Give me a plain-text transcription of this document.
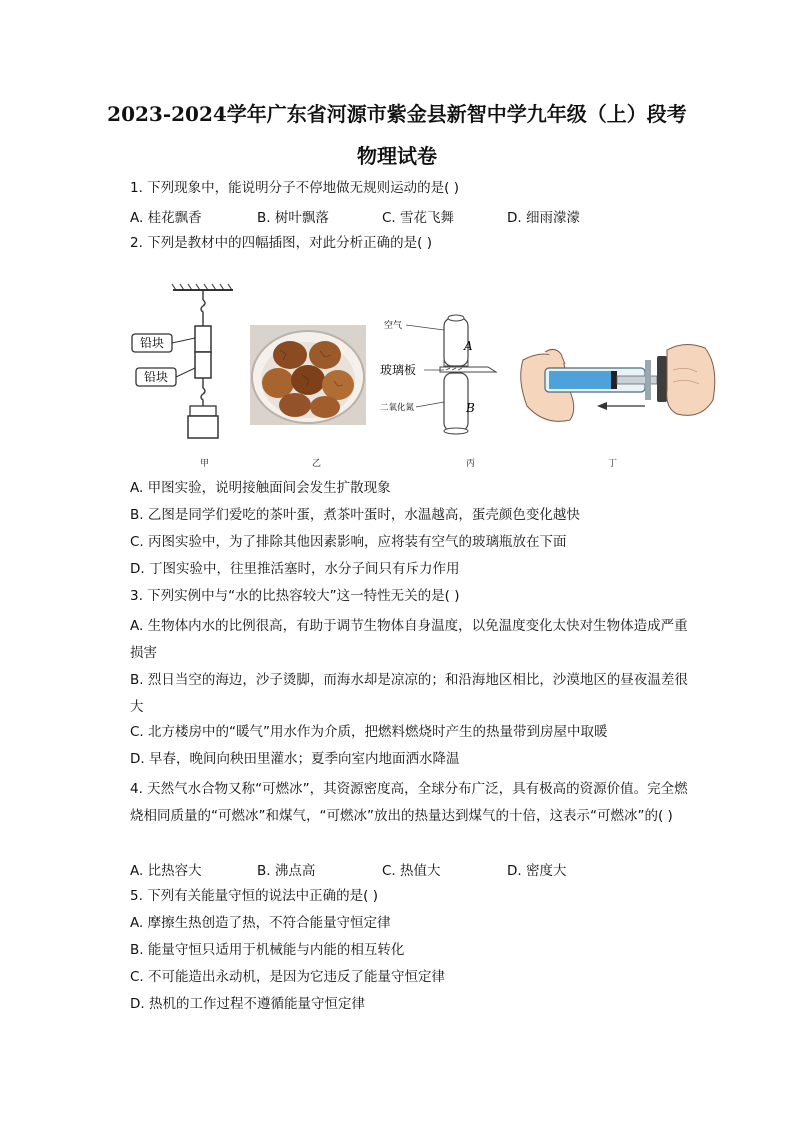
2023-2024学年广东省河源市紫金县新智中学九年级（上）段考
物理试卷
1. 下列现象中，能说明分子不停地做无规则运动的是( )
A. 桂花飘香	B. 树叶飘落	C. 雪花飞舞	D. 细雨濛濛
2. 下列是教材中的四幅插图，对此分析正确的是( )
铅块
铅块
甲	乙
A
B
空气
玻璃板
二氧化氮
丙	丁
A. 甲图实验，说明接触面间会发生扩散现象
B. 乙图是同学们爱吃的茶叶蛋，煮茶叶蛋时，水温越高，蛋壳颜色变化越快
C. 丙图实验中，为了排除其他因素影响，应将装有空气的玻璃瓶放在下面
D. 丁图实验中，往里推活塞时，水分子间只有斥力作用
3. 下列实例中与“水的比热容较大”这一特性无关的是( )
A. 生物体内水的比例很高，有助于调节生物体自身温度，以免温度变化太快对生物体造成严重损害
B. 烈日当空的海边，沙子烫脚，而海水却是凉凉的；和沿海地区相比，沙漠地区的昼夜温差很大
C. 北方楼房中的“暖气”用水作为介质，把燃料燃烧时产生的热量带到房屋中取暖
D. 早春，晚间向秧田里灌水；夏季向室内地面洒水降温
4. 天然气水合物又称“可燃冰”，其资源密度高，全球分布广泛，具有极高的资源价值。完全燃烧相同质量的“可燃冰”和煤气，“可燃冰”放出的热量达到煤气的十倍，这表示“可燃冰”的( )
A. 比热容大	B. 沸点高	C. 热值大	D. 密度大
5. 下列有关能量守恒的说法中正确的是( )
A. 摩擦生热创造了热，不符合能量守恒定律
B. 能量守恒只适用于机械能与内能的相互转化
C. 不可能造出永动机，是因为它违反了能量守恒定律
D. 热机的工作过程不遵循能量守恒定律
